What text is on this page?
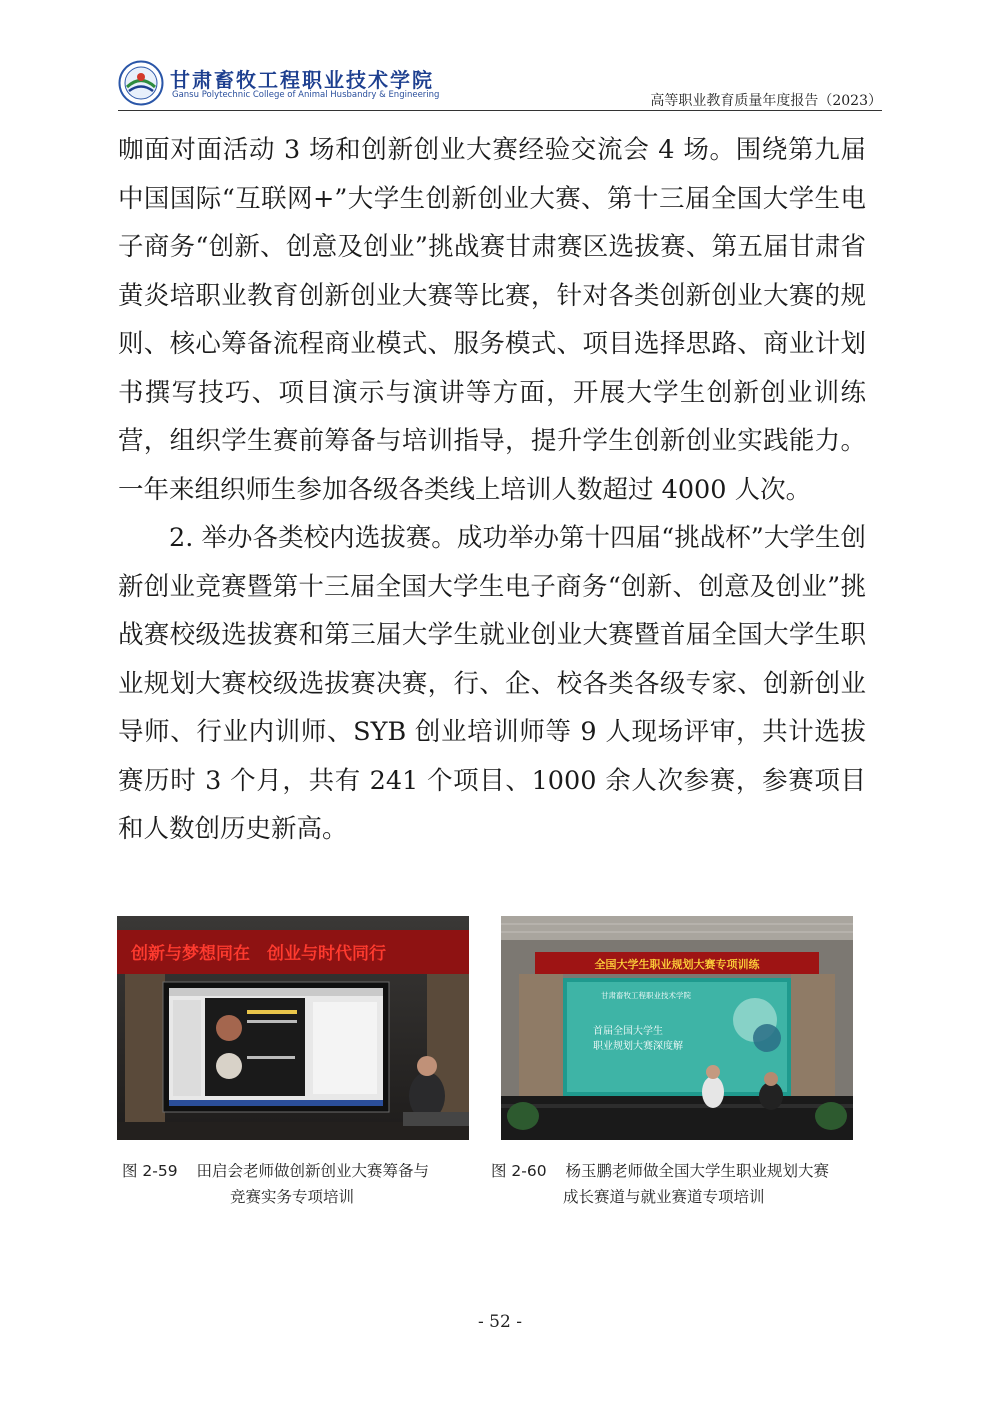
甘肃畜牧工程职业技术学院
Gansu Polytechnic College of Animal Husbandry & Engineering	高等职业教育质量年度报告（2023）

咖面对面活动 3 场和创新创业大赛经验交流会 4 场。围绕第九届中国国际“互联网+”大学生创新创业大赛、第十三届全国大学生电子商务“创新、创意及创业”挑战赛甘肃赛区选拔赛、第五届甘肃省黄炎培职业教育创新创业大赛等比赛，针对各类创新创业大赛的规则、核心筹备流程商业模式、服务模式、项目选择思路、商业计划书撰写技巧、项目演示与演讲等方面，开展大学生创新创业训练营，组织学生赛前筹备与培训指导，提升学生创新创业实践能力。一年来组织师生参加各级各类线上培训人数超过 4000 人次。

2. 举办各类校内选拔赛。成功举办第十四届“挑战杯”大学生创新创业竞赛暨第十三届全国大学生电子商务“创新、创意及创业”挑战赛校级选拔赛和第三届大学生就业创业大赛暨首届全国大学生职业规划大赛校级选拔赛决赛，行、企、校各类各级专家、创新创业导师、行业内训师、SYB 创业培训师等 9 人现场评审，共计选拔赛历时 3 个月，共有 241 个项目、1000 余人次参赛，参赛项目和人数创历史新高。

创新与梦想同在　创业与时代同行
全国大学生职业规划大赛专项训练
甘肃畜牧工程职业技术学院
首届全国大学生
职业规划大赛深度解
图 2-59 田启会老师做创新创业大赛筹备与
竞赛实务专项培训
图 2-60 杨玉鹏老师做全国大学生职业规划大赛
成长赛道与就业赛道专项培训
- 52 -
